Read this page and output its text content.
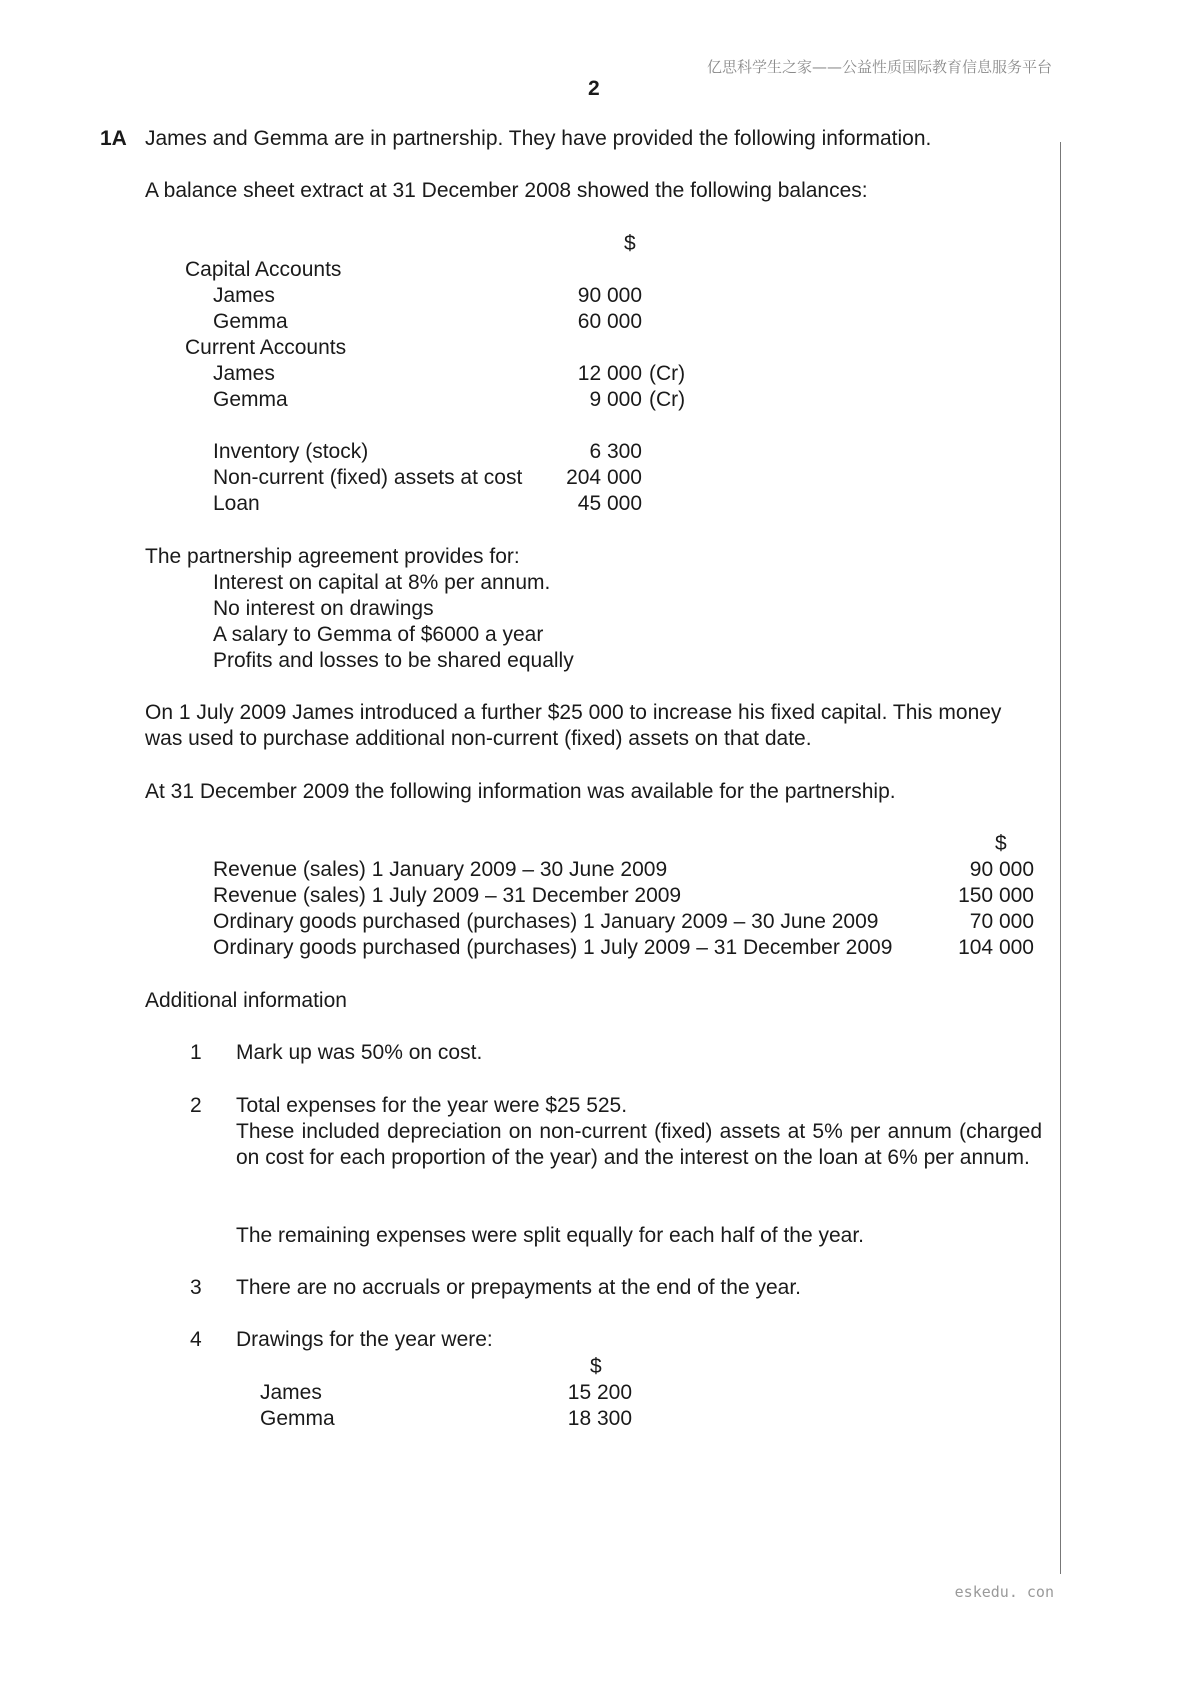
亿思科学生之家——公益性质国际教育信息服务平台
2
1A James and Gemma are in partnership. They have provided the following information.
A balance sheet extract at 31 December 2008 showed the following balances:
$
Capital Accounts
James	90 000
Gemma	60 000
Current Accounts
James	12 000 (Cr)
Gemma	9 000 (Cr)
Inventory (stock)	6 300
Non-current (fixed) assets at cost	204 000
Loan	45 000
The partnership agreement provides for:
Interest on capital at 8% per annum.
No interest on drawings
A salary to Gemma of $6000 a year
Profits and losses to be shared equally
On 1 July 2009 James introduced a further $25 000 to increase his fixed capital. This money
was used to purchase additional non-current (fixed) assets on that date.
At 31 December 2009 the following information was available for the partnership.
$
Revenue (sales) 1 January 2009 – 30 June 2009	90 000
Revenue (sales) 1 July 2009 – 31 December 2009	150 000
Ordinary goods purchased (purchases) 1 January 2009 – 30 June 2009	70 000
Ordinary goods purchased (purchases) 1 July 2009 – 31 December 2009	104 000
Additional information
1 Mark up was 50% on cost.
2 Total expenses for the year were $25 525.
These included depreciation on non-current (fixed) assets at 5% per annum (charged on cost for each proportion of the year) and the interest on the loan at 6% per annum.
The remaining expenses were split equally for each half of the year.
3 There are no accruals or prepayments at the end of the year.
4 Drawings for the year were:
$
James	15 200
Gemma	18 300
eskedu. con
